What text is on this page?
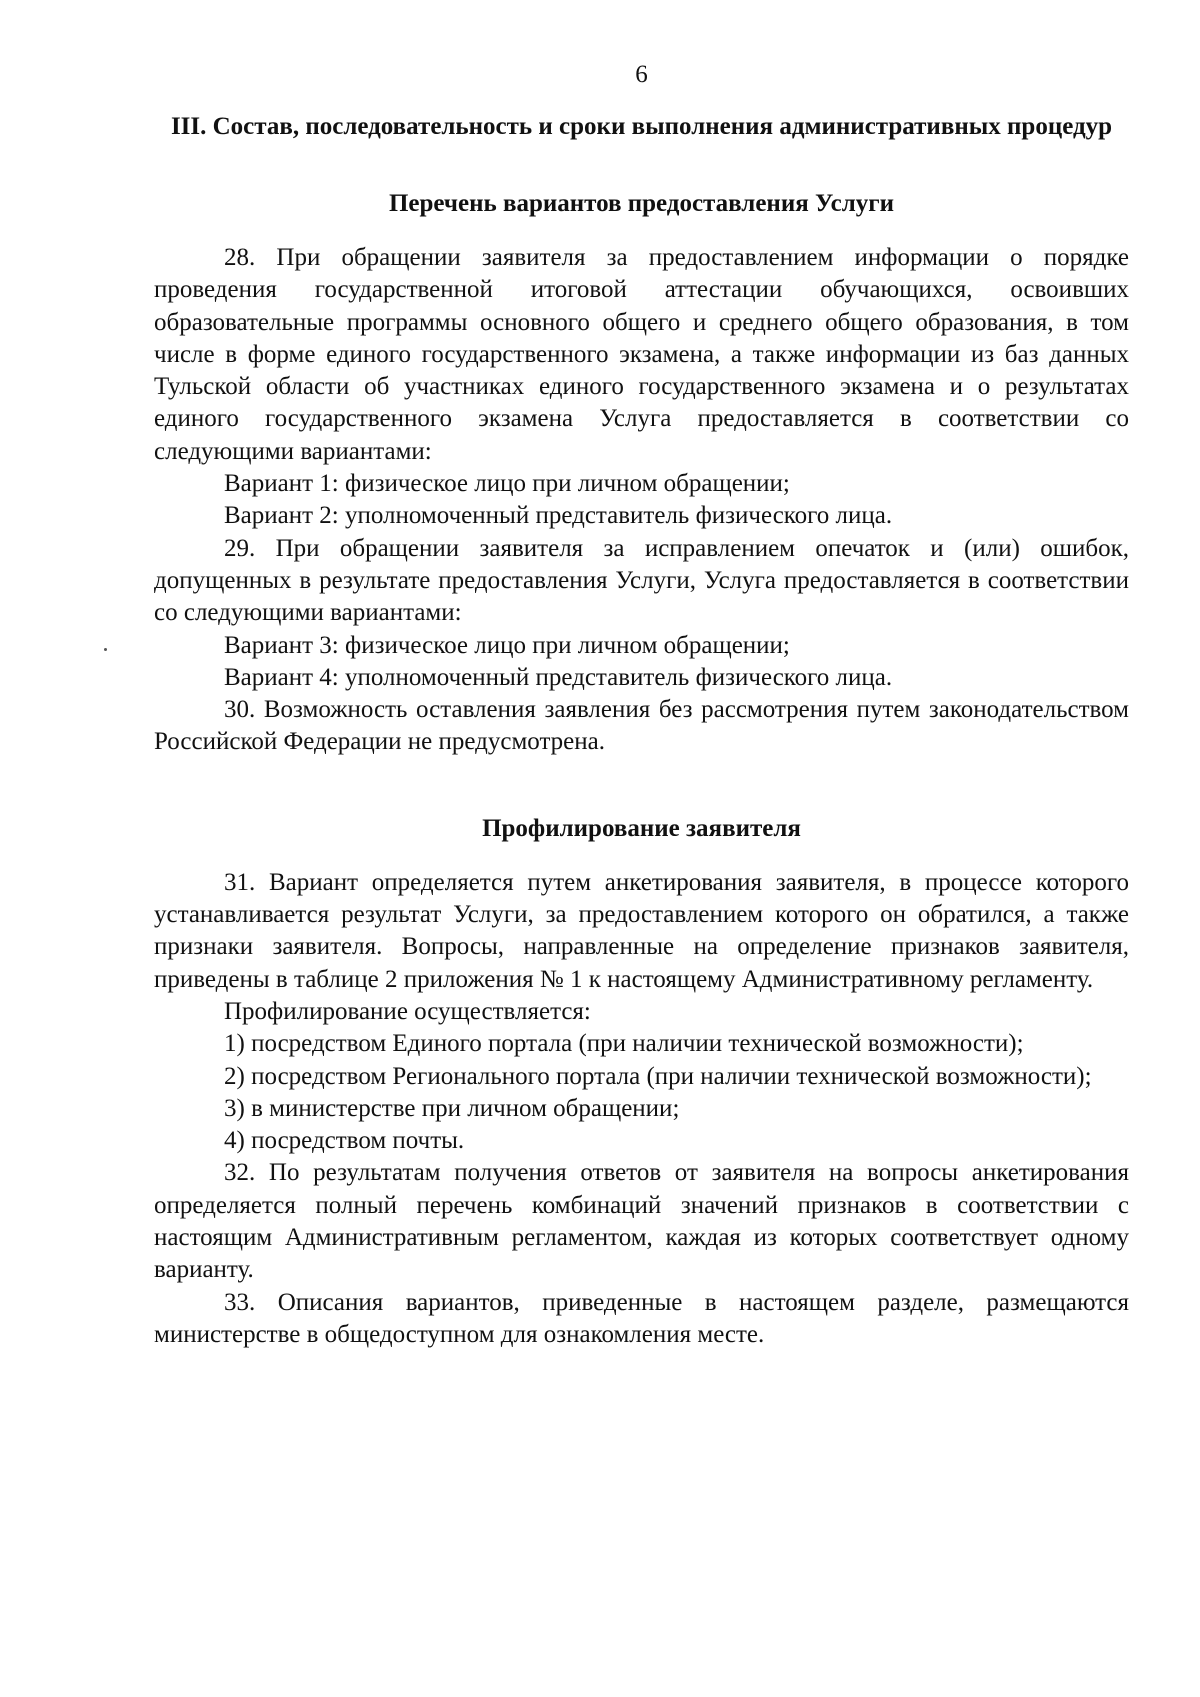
6
III. Состав, последовательность и сроки выполнения административных процедур
Перечень вариантов предоставления Услуги

28. При обращении заявителя за предоставлением информации о порядке проведения государственной итоговой аттестации обучающихся, освоивших образовательные программы основного общего и среднего общего образования, в том числе в форме единого государственного экзамена, а также информации из баз данных Тульской области об участниках единого государственного экзамена и о результатах единого государственного экзамена Услуга предоставляется в соответствии со следующими вариантами:

Вариант 1: физическое лицо при личном обращении;

Вариант 2: уполномоченный представитель физического лица.

29. При обращении заявителя за исправлением опечаток и (или) ошибок, допущенных в результате предоставления Услуги, Услуга предоставляется в соответствии со следующими вариантами:

Вариант 3: физическое лицо при личном обращении;

Вариант 4: уполномоченный представитель физического лица.

30. Возможность оставления заявления без рассмотрения путем законодательством Российской Федерации не предусмотрена.

Профилирование заявителя

31. Вариант определяется путем анкетирования заявителя, в процессе которого устанавливается результат Услуги, за предоставлением которого он обратился, а также признаки заявителя. Вопросы, направленные на определение признаков заявителя, приведены в таблице 2 приложения № 1 к настоящему Административному регламенту.

Профилирование осуществляется:

1) посредством Единого портала (при наличии технической возможности);

2) посредством Регионального портала (при наличии технической возможности);

3) в министерстве при личном обращении;

4) посредством почты.

32. По результатам получения ответов от заявителя на вопросы анкетирования определяется полный перечень комбинаций значений признаков в соответствии с настоящим Административным регламентом, каждая из которых соответствует одному варианту.

33. Описания вариантов, приведенные в настоящем разделе, размещаются министерстве в общедоступном для ознакомления месте.
